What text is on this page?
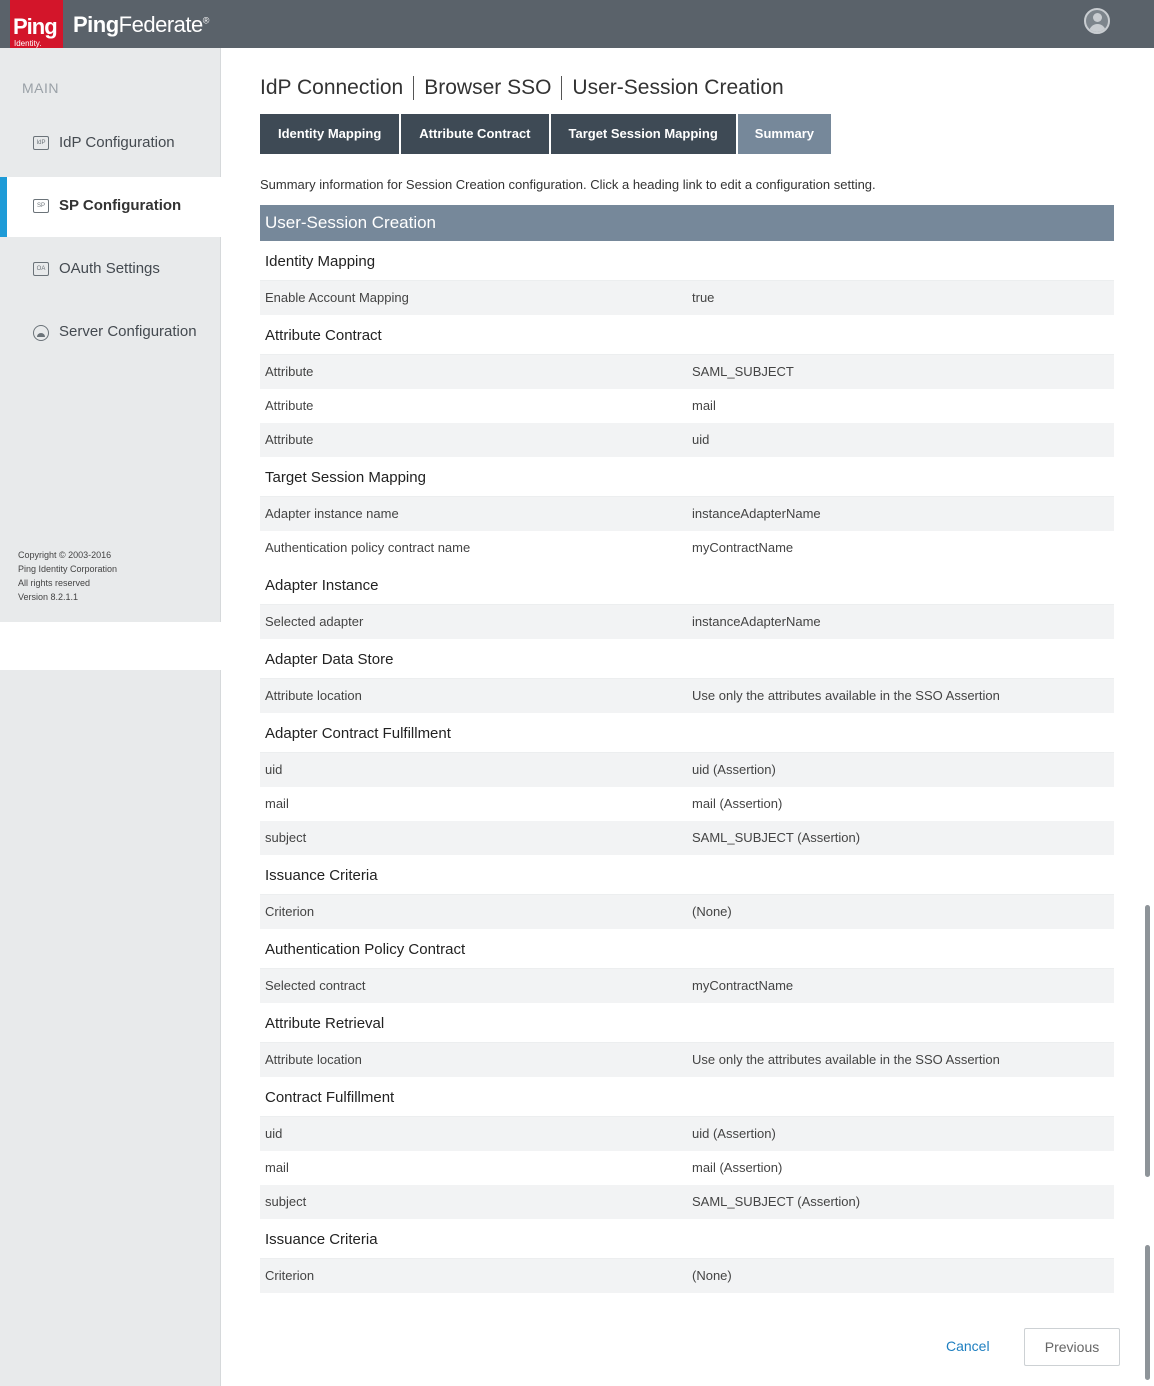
PingFederate®
Ping
Identity.
MAIN
IdP IdP Configuration
SP SP Configuration
OA OAuth Settings
Server Configuration
Copyright © 2003-2016
Ping Identity Corporation
All rights reserved
Version 8.2.1.1
IdP Connection Browser SSO User-Session Creation
Identity Mapping	Attribute Contract	Target Session Mapping	Summary
Summary information for Session Creation configuration. Click a heading link to edit a configuration setting.
User-Session Creation
Identity Mapping
Enable Account Mapping	true
Attribute Contract
Attribute	SAML_SUBJECT
Attribute	mail
Attribute	uid
Target Session Mapping
Adapter instance name	instanceAdapterName
Authentication policy contract name	myContractName
Adapter Instance
Selected adapter	instanceAdapterName
Adapter Data Store
Attribute location	Use only the attributes available in the SSO Assertion
Adapter Contract Fulfillment
uid	uid (Assertion)
mail	mail (Assertion)
subject	SAML_SUBJECT (Assertion)
Issuance Criteria
Criterion	(None)
Authentication Policy Contract
Selected contract	myContractName
Attribute Retrieval
Attribute location	Use only the attributes available in the SSO Assertion
Contract Fulfillment
uid	uid (Assertion)
mail	mail (Assertion)
subject	SAML_SUBJECT (Assertion)
Issuance Criteria
Criterion	(None)
Cancel	Previous
